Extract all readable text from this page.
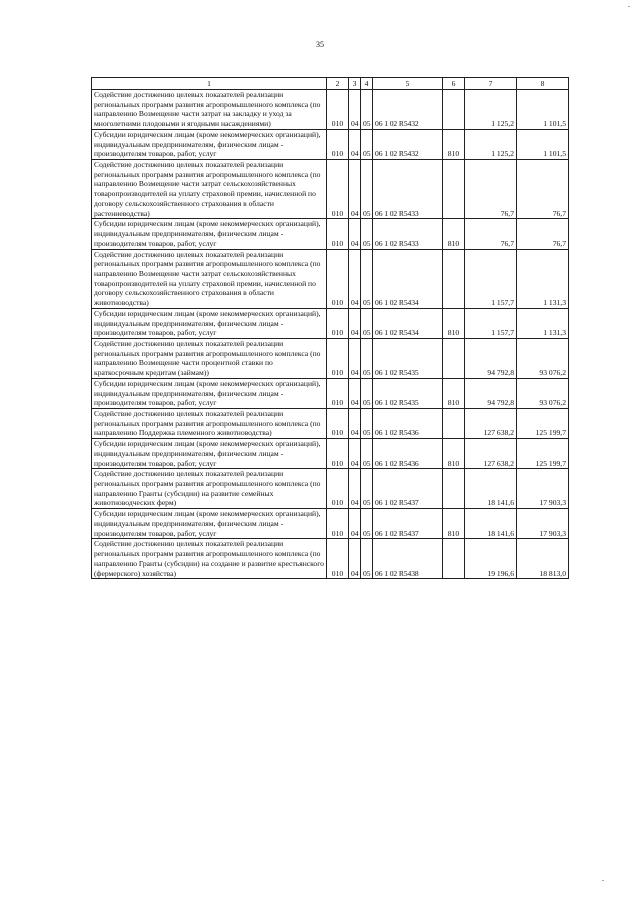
.
35
1	2	3	4	5	6	7	8
Содействие достижению целевых показателей реализации региональных программ развития агропромышленного комплекса (по направлению Возмещение части затрат на закладку и уход за многолетними плодовыми и ягодными насаждениями)	010	04	05	06 1 02 R5432		1 125,2	1 101,5
Субсидии юридическим лицам (кроме некоммерческих организаций), индивидуальным предпринимателям, физическим лицам - производителям товаров, работ, услуг	010	04	05	06 1 02 R5432	810	1 125,2	1 101,5
Содействие достижению целевых показателей реализации региональных программ развития агропромышленного комплекса (по направлению Возмещение части затрат сельскохозяйственных товаропроизводителей на уплату страховой премии, начисленной по договору сельскохозяйственного страхования в области растениеводства)	010	04	05	06 1 02 R5433		76,7	76,7
Субсидии юридическим лицам (кроме некоммерческих организаций), индивидуальным предпринимателям, физическим лицам - производителям товаров, работ, услуг	010	04	05	06 1 02 R5433	810	76,7	76,7
Содействие достижению целевых показателей реализации региональных программ развития агропромышленного комплекса (по направлению Возмещение части затрат сельскохозяйственных товаропроизводителей на уплату страховой премии, начисленной по договору сельскохозяйственного страхования в области животноводства)	010	04	05	06 1 02 R5434		1 157,7	1 131,3
Субсидии юридическим лицам (кроме некоммерческих организаций), индивидуальным предпринимателям, физическим лицам - производителям товаров, работ, услуг	010	04	05	06 1 02 R5434	810	1 157,7	1 131,3
Содействие достижению целевых показателей реализации региональных программ развития агропромышленного комплекса (по направлению Возмещение части процентной ставки по краткосрочным кредитам (займам))	010	04	05	06 1 02 R5435		94 792,8	93 076,2
Субсидии юридическим лицам (кроме некоммерческих организаций), индивидуальным предпринимателям, физическим лицам - производителям товаров, работ, услуг	010	04	05	06 1 02 R5435	810	94 792,8	93 076,2
Содействие достижению целевых показателей реализации региональных программ развития агропромышленного комплекса (по направлению Поддержка племенного животноводства)	010	04	05	06 1 02 R5436		127 638,2	125 199,7
Субсидии юридическим лицам (кроме некоммерческих организаций), индивидуальным предпринимателям, физическим лицам - производителям товаров, работ, услуг	010	04	05	06 1 02 R5436	810	127 638,2	125 199,7
Содействие достижению целевых показателей реализации региональных программ развития агропромышленного комплекса (по направлению Гранты (субсидии) на развитие семейных животноводческих ферм)	010	04	05	06 1 02 R5437		18 141,6	17 903,3
Субсидии юридическим лицам (кроме некоммерческих организаций), индивидуальным предпринимателям, физическим лицам - производителям товаров, работ, услуг	010	04	05	06 1 02 R5437	810	18 141,6	17 903,3
Содействие достижению целевых показателей реализации региональных программ развития агропромышленного комплекса (по направлению Гранты (субсидии) на создание и развитие крестьянского (фермерского) хозяйства)	010	04	05	06 1 02 R5438		19 196,6	18 813,0
.
